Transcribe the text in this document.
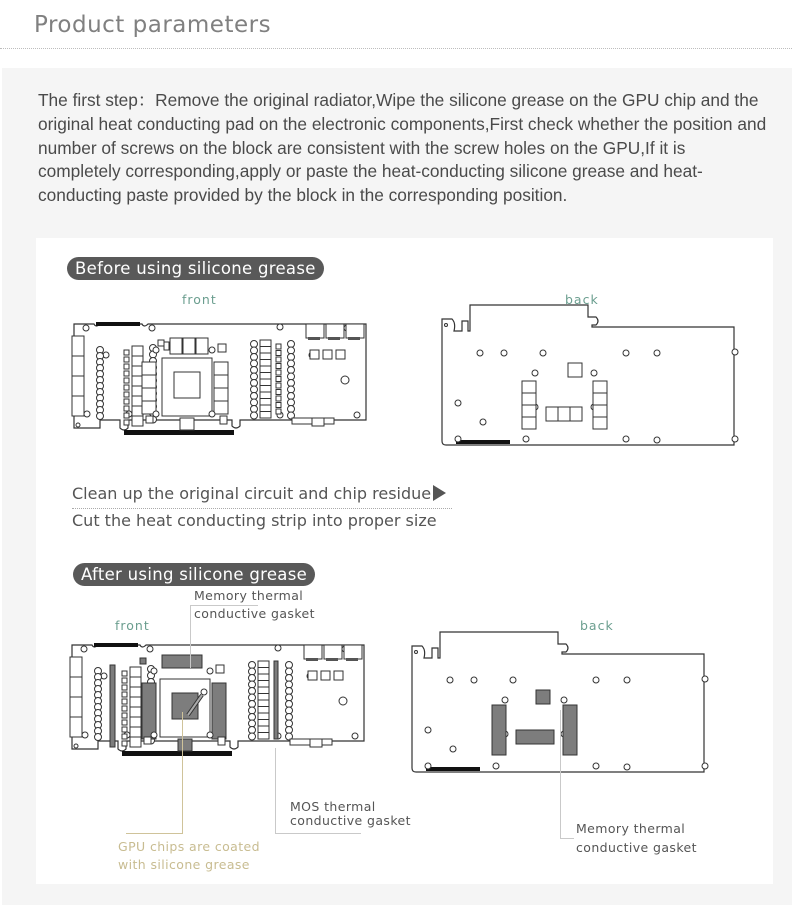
Product parameters
The first step：Remove the original radiator,Wipe the silicone grease on the GPU chip and the original heat conducting pad on the electronic components,First check whether the position and number of screws on the block are consistent with the screw holes on the GPU,If it is completely corresponding,apply or paste the heat-conducting silicone grease and heat-conducting paste provided by the block in the corresponding position.
Before using silicone grease
front	back
Clean up the original circuit and chip residue
Cut the heat conducting strip into proper size
After using silicone grease
front	back
Memory thermal
conductive gasket
MOS thermal
conductive gasket
GPU chips are coated
with silicone grease
Memory thermal
conductive gasket
